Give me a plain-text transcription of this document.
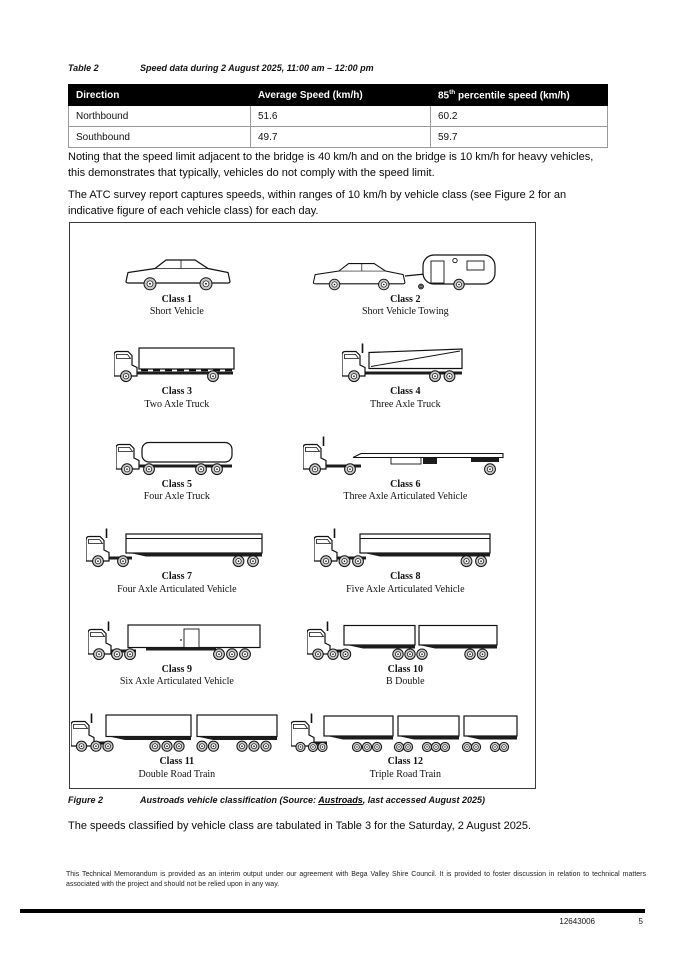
Table 2	Speed data during 2 August 2025, 11:00 am – 12:00 pm
Direction	Average Speed (km/h)	85th percentile speed (km/h)
Northbound	51.6	60.2
Southbound	49.7	59.7

Noting that the speed limit adjacent to the bridge is 40 km/h and on the bridge is 10 km/h for heavy vehicles, this demonstrates that typically, vehicles do not comply with the speed limit.

The ATC survey report captures speeds, within ranges of 10 km/h by vehicle class (see Figure 2 for an indicative figure of each vehicle class) for each day.

Class 1
Short Vehicle
Class 2
Short Vehicle Towing
Class 3
Two Axle Truck
Class 4
Three Axle Truck
Class 5
Four Axle Truck
Class 6
Three Axle Articulated Vehicle
Class 7
Four Axle Articulated Vehicle
Class 8
Five Axle Articulated Vehicle
Class 9
Six Axle Articulated Vehicle
Class 10
B Double
Class 11
Double Road Train
Class 12
Triple Road Train
Figure 2	Austroads vehicle classification (Source: Austroads, last accessed August 2025)

The speeds classified by vehicle class are tabulated in Table 3 for the Saturday, 2 August 2025.

This Technical Memorandum is provided as an interim output under our agreement with Bega Valley Shire Council. It is provided to foster discussion in relation to technical matters associated with the project and should not be relied upon in any way.
12643006	5
